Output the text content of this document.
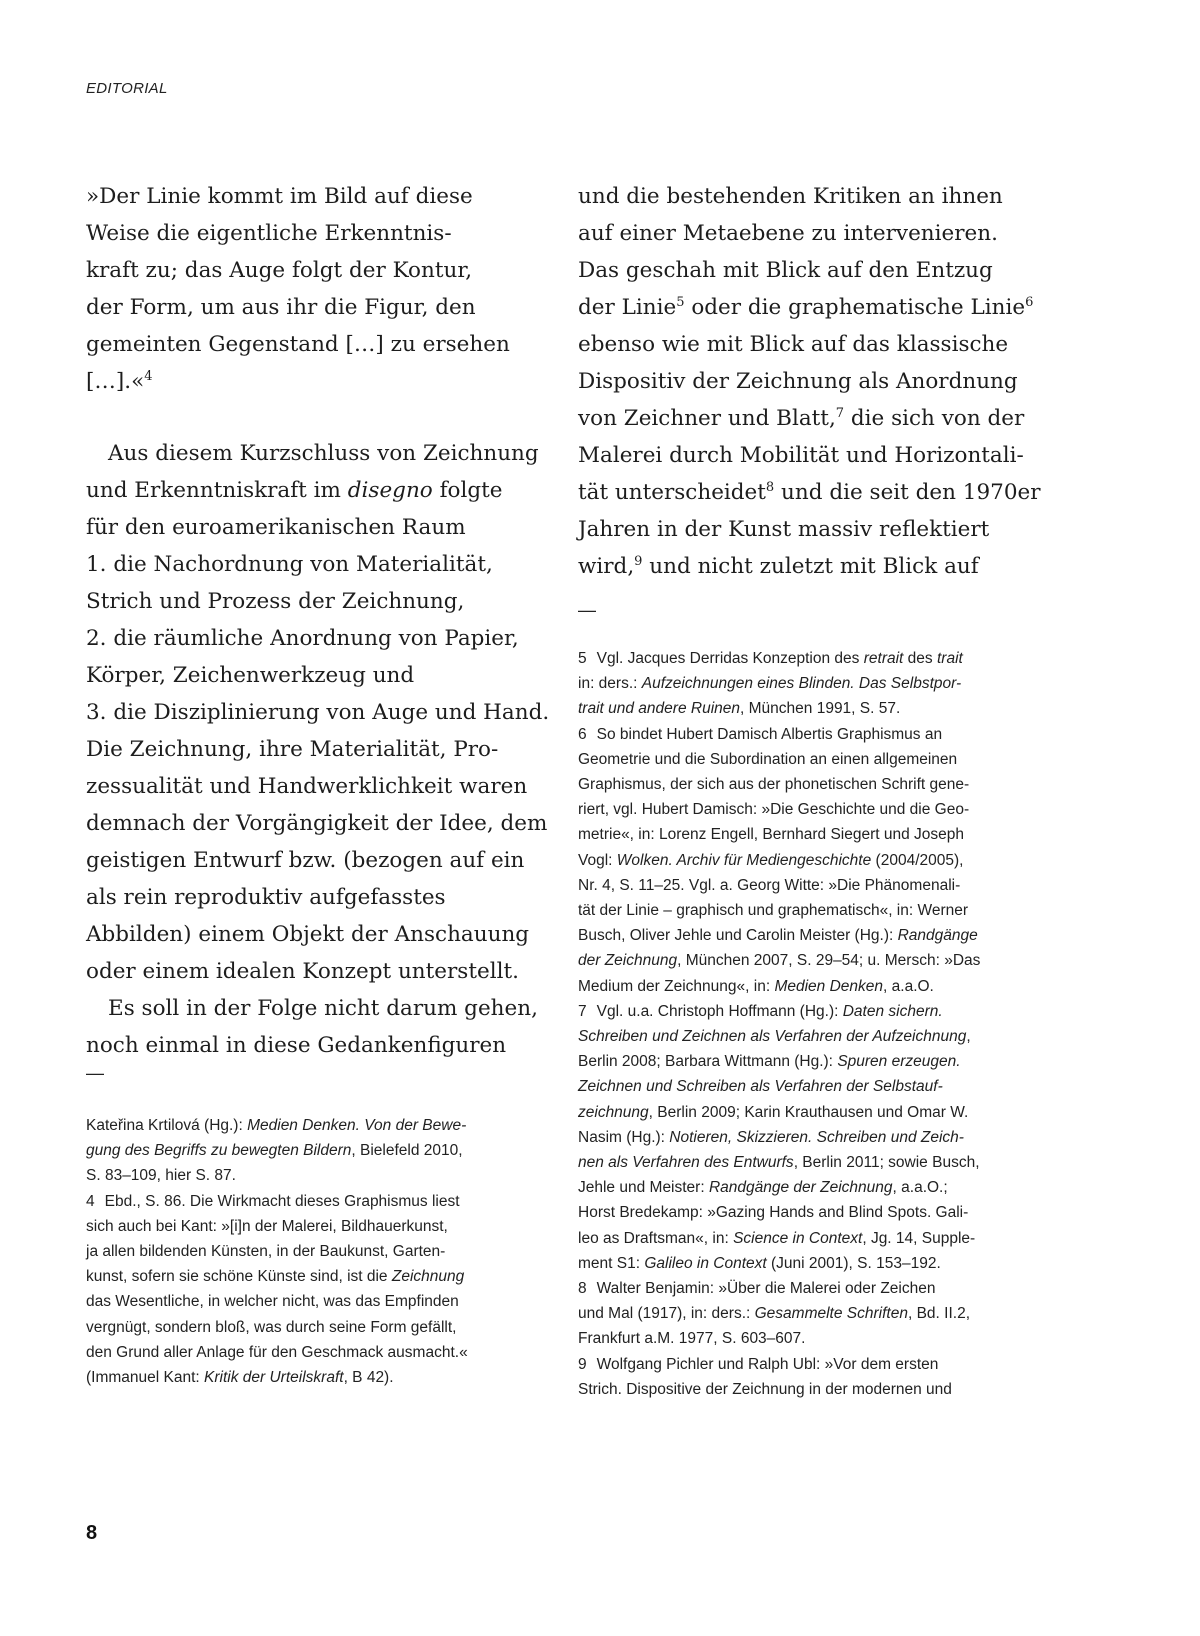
EDITORIAL
»Der Linie kommt im Bild auf diese
Weise die eigentliche Erkenntnis-
kraft zu; das Auge folgt der Kontur,
der Form, um aus ihr die Figur, den
gemeinten Gegenstand […] zu ersehen
[…].«$^4$
Aus diesem Kurzschluss von Zeichnung
und Erkenntniskraft im disegno folgte
für den euroamerikanischen Raum
1. die Nachordnung von Materialität,
Strich und Prozess der Zeichnung,
2. die räumliche Anordnung von Papier,
Körper, Zeichenwerkzeug und
3. die Disziplinierung von Auge und Hand.
Die Zeichnung, ihre Materialität, Pro-
zessualität und Handwerklichkeit waren
demnach der Vorgängigkeit der Idee, dem
geistigen Entwurf bzw. (bezogen auf ein
als rein reproduktiv aufgefasstes
Abbilden) einem Objekt der Anschauung
oder einem idealen Konzept unterstellt.
Es soll in der Folge nicht darum gehen,
noch einmal in diese Gedankenfiguren
—
Kateřina Krtilová (Hg.): Medien Denken. Von der Bewe-
gung des Begriffs zu bewegten Bildern, Bielefeld 2010,
S. 83–109, hier S. 87.
4 Ebd., S. 86. Die Wirkmacht dieses Graphismus liest
sich auch bei Kant: »[i]n der Malerei, Bildhauerkunst,
ja allen bildenden Künsten, in der Baukunst, Garten-
kunst, sofern sie schöne Künste sind, ist die Zeichnung
das Wesentliche, in welcher nicht, was das Empfinden
vergnügt, sondern bloß, was durch seine Form gefällt,
den Grund aller Anlage für den Geschmack ausmacht.«
(Immanuel Kant: Kritik der Urteilskraft, B 42).
und die bestehenden Kritiken an ihnen
auf einer Metaebene zu intervenieren.
Das geschah mit Blick auf den Entzug
der Linie$^5$ oder die graphematische Linie$^6$
ebenso wie mit Blick auf das klassische
Dispositiv der Zeichnung als Anordnung
von Zeichner und Blatt,$^7$ die sich von der
Malerei durch Mobilität und Horizontali-
tät unterscheidet$^8$ und die seit den 1970er
Jahren in der Kunst massiv reflektiert
wird,$^9$ und nicht zuletzt mit Blick auf
—
5 Vgl. Jacques Derridas Konzeption des retrait des trait
in: ders.: Aufzeichnungen eines Blinden. Das Selbstpor-
trait und andere Ruinen, München 1991, S. 57.
6 So bindet Hubert Damisch Albertis Graphismus an
Geometrie und die Subordination an einen allgemeinen
Graphismus, der sich aus der phonetischen Schrift gene-
riert, vgl. Hubert Damisch: »Die Geschichte und die Geo-
metrie«, in: Lorenz Engell, Bernhard Siegert und Joseph
Vogl: Wolken. Archiv für Mediengeschichte (2004/2005),
Nr. 4, S. 11–25. Vgl. a. Georg Witte: »Die Phänomenali-
tät der Linie – graphisch und graphematisch«, in: Werner
Busch, Oliver Jehle und Carolin Meister (Hg.): Randgänge
der Zeichnung, München 2007, S. 29–54; u. Mersch: »Das
Medium der Zeichnung«, in: Medien Denken, a.a.O.
7 Vgl. u.a. Christoph Hoffmann (Hg.): Daten sichern.
Schreiben und Zeichnen als Verfahren der Aufzeichnung,
Berlin 2008; Barbara Wittmann (Hg.): Spuren erzeugen.
Zeichnen und Schreiben als Verfahren der Selbstauf-
zeichnung, Berlin 2009; Karin Krauthausen und Omar W.
Nasim (Hg.): Notieren, Skizzieren. Schreiben und Zeich-
nen als Verfahren des Entwurfs, Berlin 2011; sowie Busch,
Jehle und Meister: Randgänge der Zeichnung, a.a.O.;
Horst Bredekamp: »Gazing Hands and Blind Spots. Gali-
leo as Draftsman«, in: Science in Context, Jg. 14, Supple-
ment S1: Galileo in Context (Juni 2001), S. 153–192.
8 Walter Benjamin: »Über die Malerei oder Zeichen
und Mal (1917), in: ders.: Gesammelte Schriften, Bd. II.2,
Frankfurt a.M. 1977, S. 603–607.
9 Wolfgang Pichler und Ralph Ubl: »Vor dem ersten
Strich. Dispositive der Zeichnung in der modernen und
8
